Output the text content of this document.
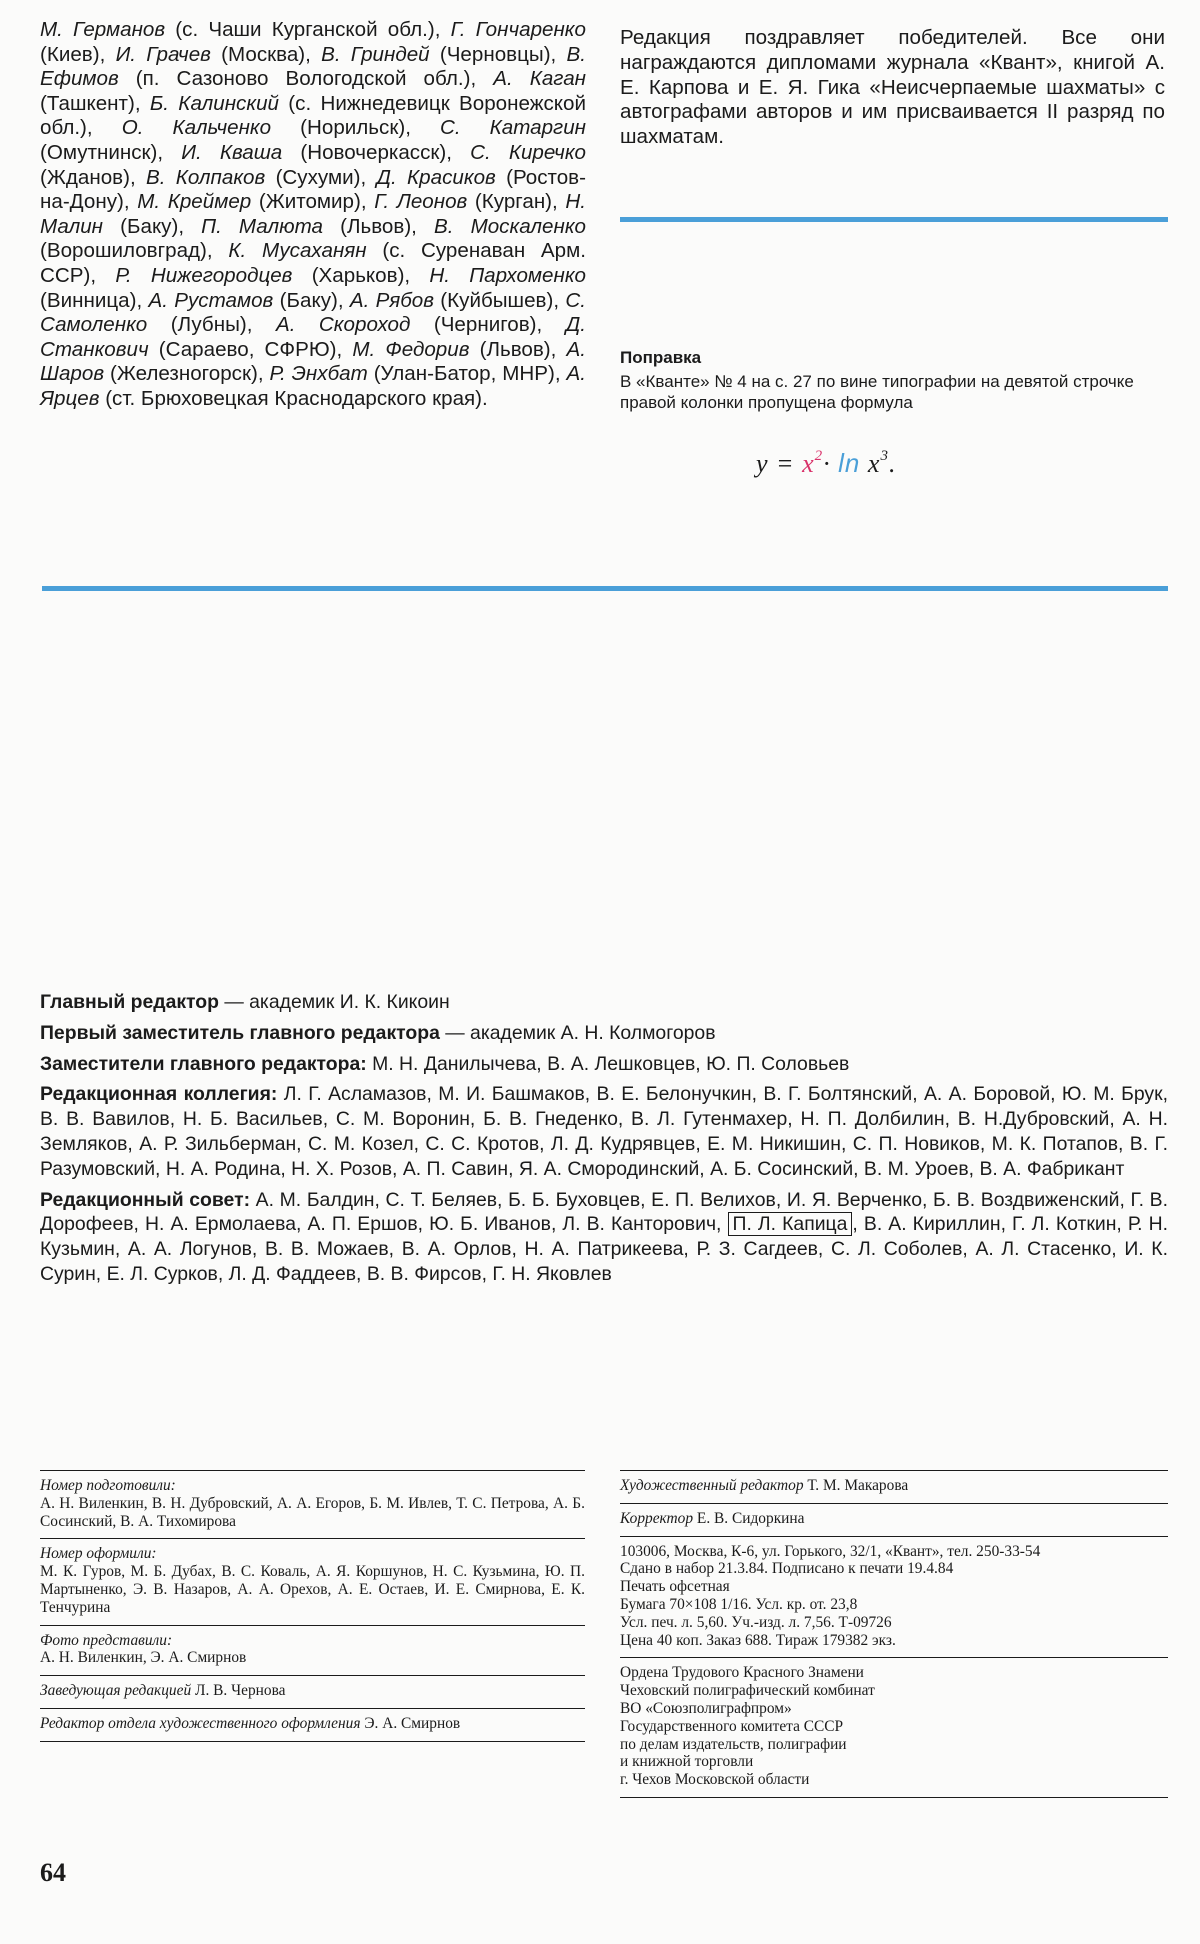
М. Германов (с. Чаши Курганской обл.), Г. Гончаренко (Киев), И. Грачев (Москва), В. Гриндей (Черновцы), В. Ефимов (п. Сазоново Вологодской обл.), А. Каган (Ташкент), Б. Калинский (с. Нижнедевицк Воронежской обл.), О. Кальченко (Норильск), С. Катаргин (Омутнинск), И. Кваша (Новочеркасск), С. Киречко (Жданов), В. Колпаков (Сухуми), Д. Красиков (Ростов-на-Дону), М. Креймер (Житомир), Г. Леонов (Курган), Н. Малин (Баку), П. Малюта (Львов), В. Москаленко (Ворошиловград), К. Мусаханян (с. Суренаван Арм. ССР), Р. Нижегородцев (Харьков), Н. Пархоменко (Винница), А. Рустамов (Баку), А. Рябов (Куйбышев), С. Самоленко (Лубны), А. Скороход (Чернигов), Д. Станкович (Сараево, СФРЮ), М. Федорив (Львов), А. Шаров (Железногорск), Р. Энхбат (Улан-Батор, МНР), А. Ярцев (ст. Брюховецкая Краснодарского края).
Редакция поздравляет победителей. Все они награждаются дипломами журнала «Квант», книгой А. Е. Карпова и Е. Я. Гика «Неисчерпаемые шахматы» с автографами авторов и им присваивается II разряд по шахматам.
Поправка
В «Кванте» № 4 на с. 27 по вине типографии на девятой строчке правой колонки пропущена формула
$y = x^2\cdot \ln x^3$.

Главный редактор — академик И. К. Кикоин

Первый заместитель главного редактора — академик А. Н. Колмогоров

Заместители главного редактора: М. Н. Данилычева, В. А. Лешковцев, Ю. П. Соловьев

Редакционная коллегия: Л. Г. Асламазов, М. И. Башмаков, В. Е. Белонучкин, В. Г. Болтянский, А. А. Боровой, Ю. М. Брук, В. В. Вавилов, Н. Б. Васильев, С. М. Воронин, Б. В. Гнеденко, В. Л. Гутенмахер, Н. П. Долбилин, В. Н.Дубровский, А. Н. Земляков, А. Р. Зильберман, С. М. Козел, С. С. Кротов, Л. Д. Кудрявцев, Е. М. Никишин, С. П. Новиков, М. К. Потапов, В. Г. Разумовский, Н. А. Родина, Н. Х. Розов, А. П. Савин, Я. А. Смородинский, А. Б. Сосинский, В. М. Уроев, В. А. Фабрикант

Редакционный совет: А. М. Балдин, С. Т. Беляев, Б. Б. Буховцев, Е. П. Велихов, И. Я. Верченко, Б. В. Воздвиженский, Г. В. Дорофеев, Н. А. Ермолаева, А. П. Ершов, Ю. Б. Иванов, Л. В. Канторович, П. Л. Капица , В. А. Кириллин, Г. Л. Коткин, Р. Н. Кузьмин, А. А. Логунов, В. В. Можаев, В. А. Орлов, Н. А. Патрикеева, Р. З. Сагдеев, С. Л. Соболев, А. Л. Стасенко, И. К. Сурин, Е. Л. Сурков, Л. Д. Фаддеев, В. В. Фирсов, Г. Н. Яковлев

Номер подготовили:
А. Н. Виленкин, В. Н. Дубровский, А. А. Егоров, Б. М. Ивлев, Т. С. Петрова, А. Б. Сосинский, В. А. Тихомирова
Номер оформили:
М. К. Гуров, М. Б. Дубах, В. С. Коваль, А. Я. Коршунов, Н. С. Кузьмина, Ю. П. Мартыненко, Э. В. Назаров, А. А. Орехов, А. Е. Остаев, И. Е. Смирнова, Е. К. Тенчурина
Фото представили:
А. Н. Виленкин, Э. А. Смирнов
Заведующая редакцией Л. В. Чернова
Редактор отдела художественного оформления Э. А. Смирнов
Художественный редактор Т. М. Макарова
Корректор Е. В. Сидоркина
103006, Москва, К-6, ул. Горького, 32/1, «Квант», тел. 250-33-54
Сдано в набор 21.3.84. Подписано к печати 19.4.84
Печать офсетная
Бумага 70×108 1/16. Усл. кр. от. 23,8
Усл. печ. л. 5,60. Уч.-изд. л. 7,56. Т-09726
Цена 40 коп. Заказ 688. Тираж 179382 экз.
Ордена Трудового Красного Знамени
Чеховский полиграфический комбинат
ВО «Союзполиграфпром»
Государственного комитета СССР
по делам издательств, полиграфии
и книжной торговли
г. Чехов Московской области
64
